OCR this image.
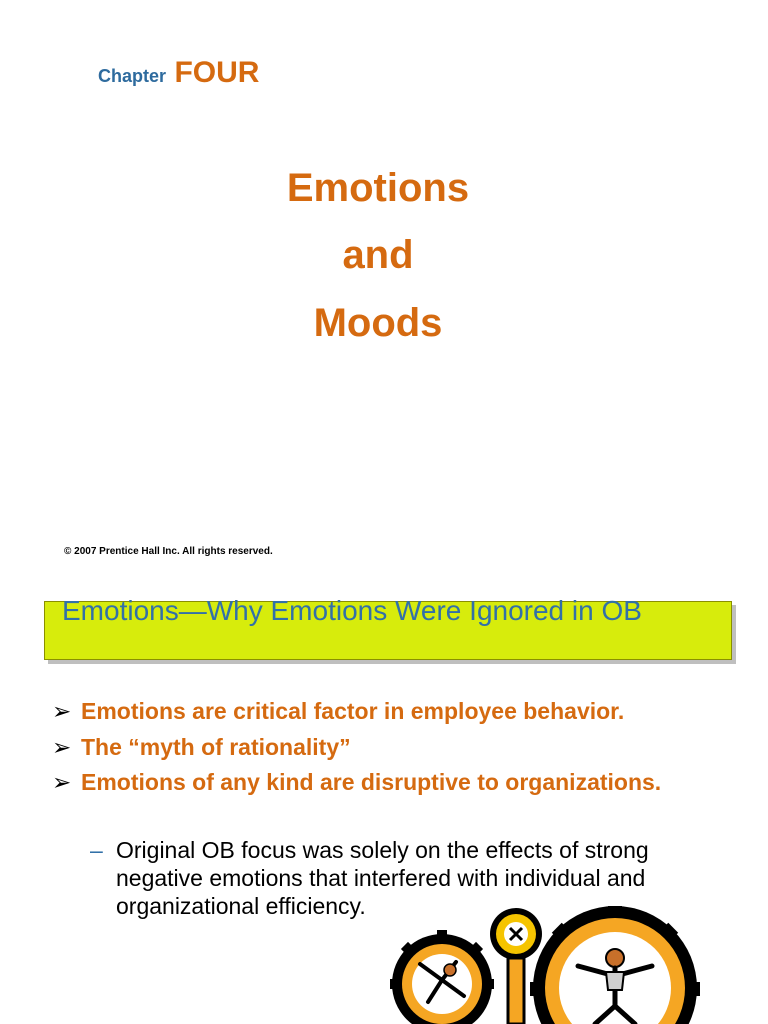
Chapter FOUR
Emotions
and
Moods
© 2007 Prentice Hall Inc. All rights reserved.
Emotions—Why Emotions Were Ignored in OB
➢ Emotions are critical factor in employee behavior.
➢ The “myth of rationality”
➢ Emotions of any kind are disruptive to organizations.
– Original OB focus was solely on the effects of strong negative emotions that interfered with individual and organizational efficiency.
